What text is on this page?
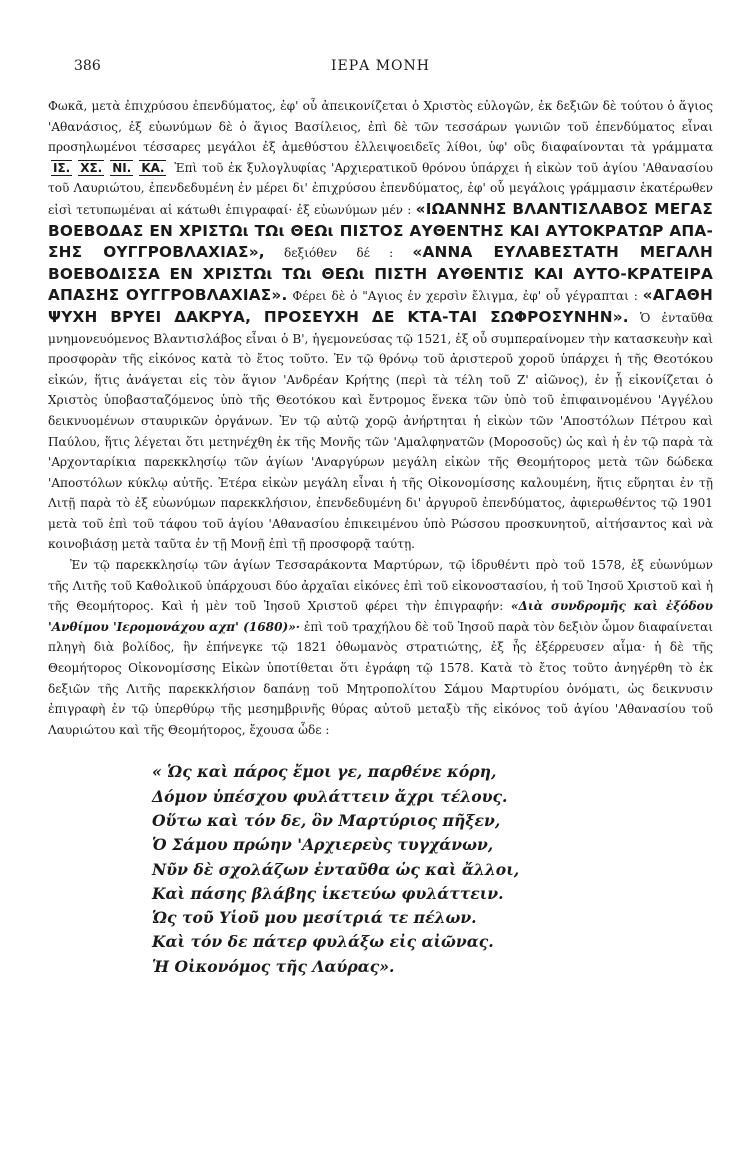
386	ΙΕΡΑ ΜΟΝΗ

Φωκᾶ, μετὰ ἐπιχρύσου ἐπενδύματος, ἐφ' οὗ ἀπεικονίζεται ὁ Χριστὸς εὐλογῶν, ἐκ δεξιῶν δὲ τούτου ὁ ἅγιος 'Αθανάσιος, ἐξ εὐωνύμων δὲ ὁ ἅγιος Βασίλειος, ἐπὶ δὲ τῶν τεσσάρων γωνιῶν τοῦ ἐπενδύματος εἶναι προσηλωμένοι τέσσαρες μεγάλοι ἐξ ἀμεθύστου ἐλλειψοειδεῖς λίθοι, ὑφ' οὓς διαφαίνονται τὰ γράμματα ΙΣ. ΧΣ. ΝΙ. ΚΑ. Ἐπὶ τοῦ ἐκ ξυλογλυφίας 'Αρχιερατικοῦ θρόνου ὑπάρχει ἡ εἰκὼν τοῦ ἁγίου 'Αθανασίου τοῦ Λαυριώτου, ἐπενδεδυμένη ἐν μέρει δι' ἐπιχρύσου ἐπενδύματος, ἐφ' οὗ μεγάλοις γράμμασιν ἑκατέρωθεν εἰσὶ τετυπωμέναι αἱ κάτωθι ἐπιγραφαί· ἐξ εὐωνύμων μέν : «ΙΩΑΝΝΗΣ ΒΛΑΝΤΙΣΛΑΒΟΣ ΜΕΓΑΣ ΒΟΕΒΟΔΑΣ ΕΝ ΧΡΙΣΤΩι ΤΩι ΘΕΩι ΠΙΣΤΟΣ ΑΥΘΕΝΤΗΣ ΚΑΙ ΑΥΤΟΚΡΑΤΩΡ ΑΠΑ-ΣΗΣ ΟΥΓΓΡΟΒΛΑΧΙΑΣ», δεξιόθεν δέ : «ΑΝΝΑ ΕΥΛΑΒΕΣΤΑΤΗ ΜΕΓΑΛΗ ΒΟΕΒΟΔΙΣΣΑ ΕΝ ΧΡΙΣΤΩι ΤΩι ΘΕΩι ΠΙΣΤΗ ΑΥΘΕΝΤΙΣ ΚΑΙ ΑΥΤΟ-ΚΡΑΤΕΙΡΑ ΑΠΑΣΗΣ ΟΥΓΓΡΟΒΛΑΧΙΑΣ». Φέρει δὲ ὁ "Αγιος ἐν χερσὶν ἔλιγμα, ἐφ' οὗ γέγραπται : «ΑΓΑΘΗ ΨΥΧΗ ΒΡΥΕΙ ΔΑΚΡΥΑ, ΠΡΟΣΕΥΧΗ ΔΕ ΚΤΑ-ΤΑΙ ΣΩΦΡΟΣΥΝΗΝ». Ὁ ἐνταῦθα μνημονευόμενος Βλαντισλάβος εἶναι ὁ Β', ἡγεμονεύσας τῷ 1521, ἐξ οὗ συμπεραίνομεν τὴν κατασκευὴν καὶ προσφορὰν τῆς εἰκόνος κατὰ τὸ ἔτος τοῦτο. Ἐν τῷ θρόνῳ τοῦ ἀριστεροῦ χοροῦ ὑπάρχει ἡ τῆς Θεοτόκου εἰκών, ἥτις ἀνάγεται εἰς τὸν ἅγιον 'Ανδρέαν Κρήτης (περὶ τὰ τέλη τοῦ Ζ' αἰῶνος), ἐν ᾗ εἰκονίζεται ὁ Χριστὸς ὑποβασταζόμενος ὑπὸ τῆς Θεοτόκου καὶ ἔντρομος ἕνεκα τῶν ὑπὸ τοῦ ἐπιφαινομένου 'Αγγέλου δεικνυομένων σταυρικῶν ὀργάνων. Ἐν τῷ αὐτῷ χορῷ ἀνήρτηται ἡ εἰκὼν τῶν 'Αποστόλων Πέτρου καὶ Παύλου, ἥτις λέγεται ὅτι μετηνέχθη ἐκ τῆς Μονῆς τῶν 'Αμαλφηνατῶν (Μοροσοῦς) ὡς καὶ ἡ ἐν τῷ παρὰ τὰ 'Αρχονταρίκια παρεκκλησίῳ τῶν ἁγίων 'Αναργύρων μεγάλη εἰκὼν τῆς Θεομήτορος μετὰ τῶν δώδεκα 'Αποστόλων κύκλῳ αὐτῆς. Ἑτέρα εἰκὼν μεγάλη εἶναι ἡ τῆς Οἰκονομίσσης καλουμένη, ἥτις εὕρηται ἐν τῇ Λιτῇ παρὰ τὸ ἐξ εὐωνύμων παρεκκλήσιον, ἐπενδεδυμένη δι' ἀργυροῦ ἐπενδύματος, ἀφιερωθέντος τῷ 1901 μετὰ τοῦ ἐπὶ τοῦ τάφου τοῦ ἁγίου 'Αθανασίου ἐπικειμένου ὑπὸ Ρώσσου προσκυνητοῦ, αἰτήσαντος καὶ νὰ κοινοβιάσῃ μετὰ ταῦτα ἐν τῇ Μονῇ ἐπὶ τῇ προσφορᾷ ταύτῃ.

Ἐν τῷ παρεκκλησίῳ τῶν ἁγίων Τεσσαράκοντα Μαρτύρων, τῷ ἱδρυθέντι πρὸ τοῦ 1578, ἐξ εὐωνύμων τῆς Λιτῆς τοῦ Καθολικοῦ ὑπάρχουσι δύο ἀρχαῖαι εἰκόνες ἐπὶ τοῦ εἰκονοστασίου, ἡ τοῦ Ἰησοῦ Χριστοῦ καὶ ἡ τῆς Θεομήτορος. Καὶ ἡ μὲν τοῦ Ἰησοῦ Χριστοῦ φέρει τὴν ἐπιγραφήν: «Διὰ συνδρομῆς καὶ ἐξόδου 'Ανθίμου 'Ιερομονάχου αχπ' (1680)»· ἐπὶ τοῦ τραχήλου δὲ τοῦ Ἰησοῦ παρὰ τὸν δεξιὸν ὦμον διαφαίνεται πληγὴ διὰ βολίδος, ἣν ἐπήνεγκε τῷ 1821 ὀθωμανὸς στρατιώτης, ἐξ ἧς ἐξέρρευσεν αἷμα· ἡ δὲ τῆς Θεομήτορος Οἰκονομίσσης Εἰκὼν ὑποτίθεται ὅτι ἐγράφη τῷ 1578. Κατὰ τὸ ἔτος τοῦτο ἀνηγέρθη τὸ ἐκ δεξιῶν τῆς Λιτῆς παρεκκλήσιον δαπάνῃ τοῦ Μητροπολίτου Σάμου Μαρτυρίου ὀνόματι, ὡς δεικνυσιν ἐπιγραφὴ ἐν τῷ ὑπερθύρῳ τῆς μεσημβρινῆς θύρας αὐτοῦ μεταξὺ τῆς εἰκόνος τοῦ ἁγίου 'Αθανασίου τοῦ Λαυριώτου καὶ τῆς Θεομήτορος, ἔχουσα ὧδε :

« Ὡς καὶ πάρος ἔμοι γε, παρθένε κόρη,
Δόμον ὑπέσχου φυλάττειν ἄχρι τέλους.
Οὕτω καὶ τόν δε, ὃν Μαρτύριος πῆξεν,
Ὁ Σάμου πρώην 'Αρχιερεὺς τυγχάνων,
Νῦν δὲ σχολάζων ἐνταῦθα ὡς καὶ ἄλλοι,
Καὶ πάσης βλάβης ἱκετεύω φυλάττειν.
Ὡς τοῦ Υἱοῦ μου μεσίτριά τε πέλων.
Καὶ τόν δε πάτερ φυλάξω εἰς αἰῶνας.
Ἡ Οἰκονόμος τῆς Λαύρας».
